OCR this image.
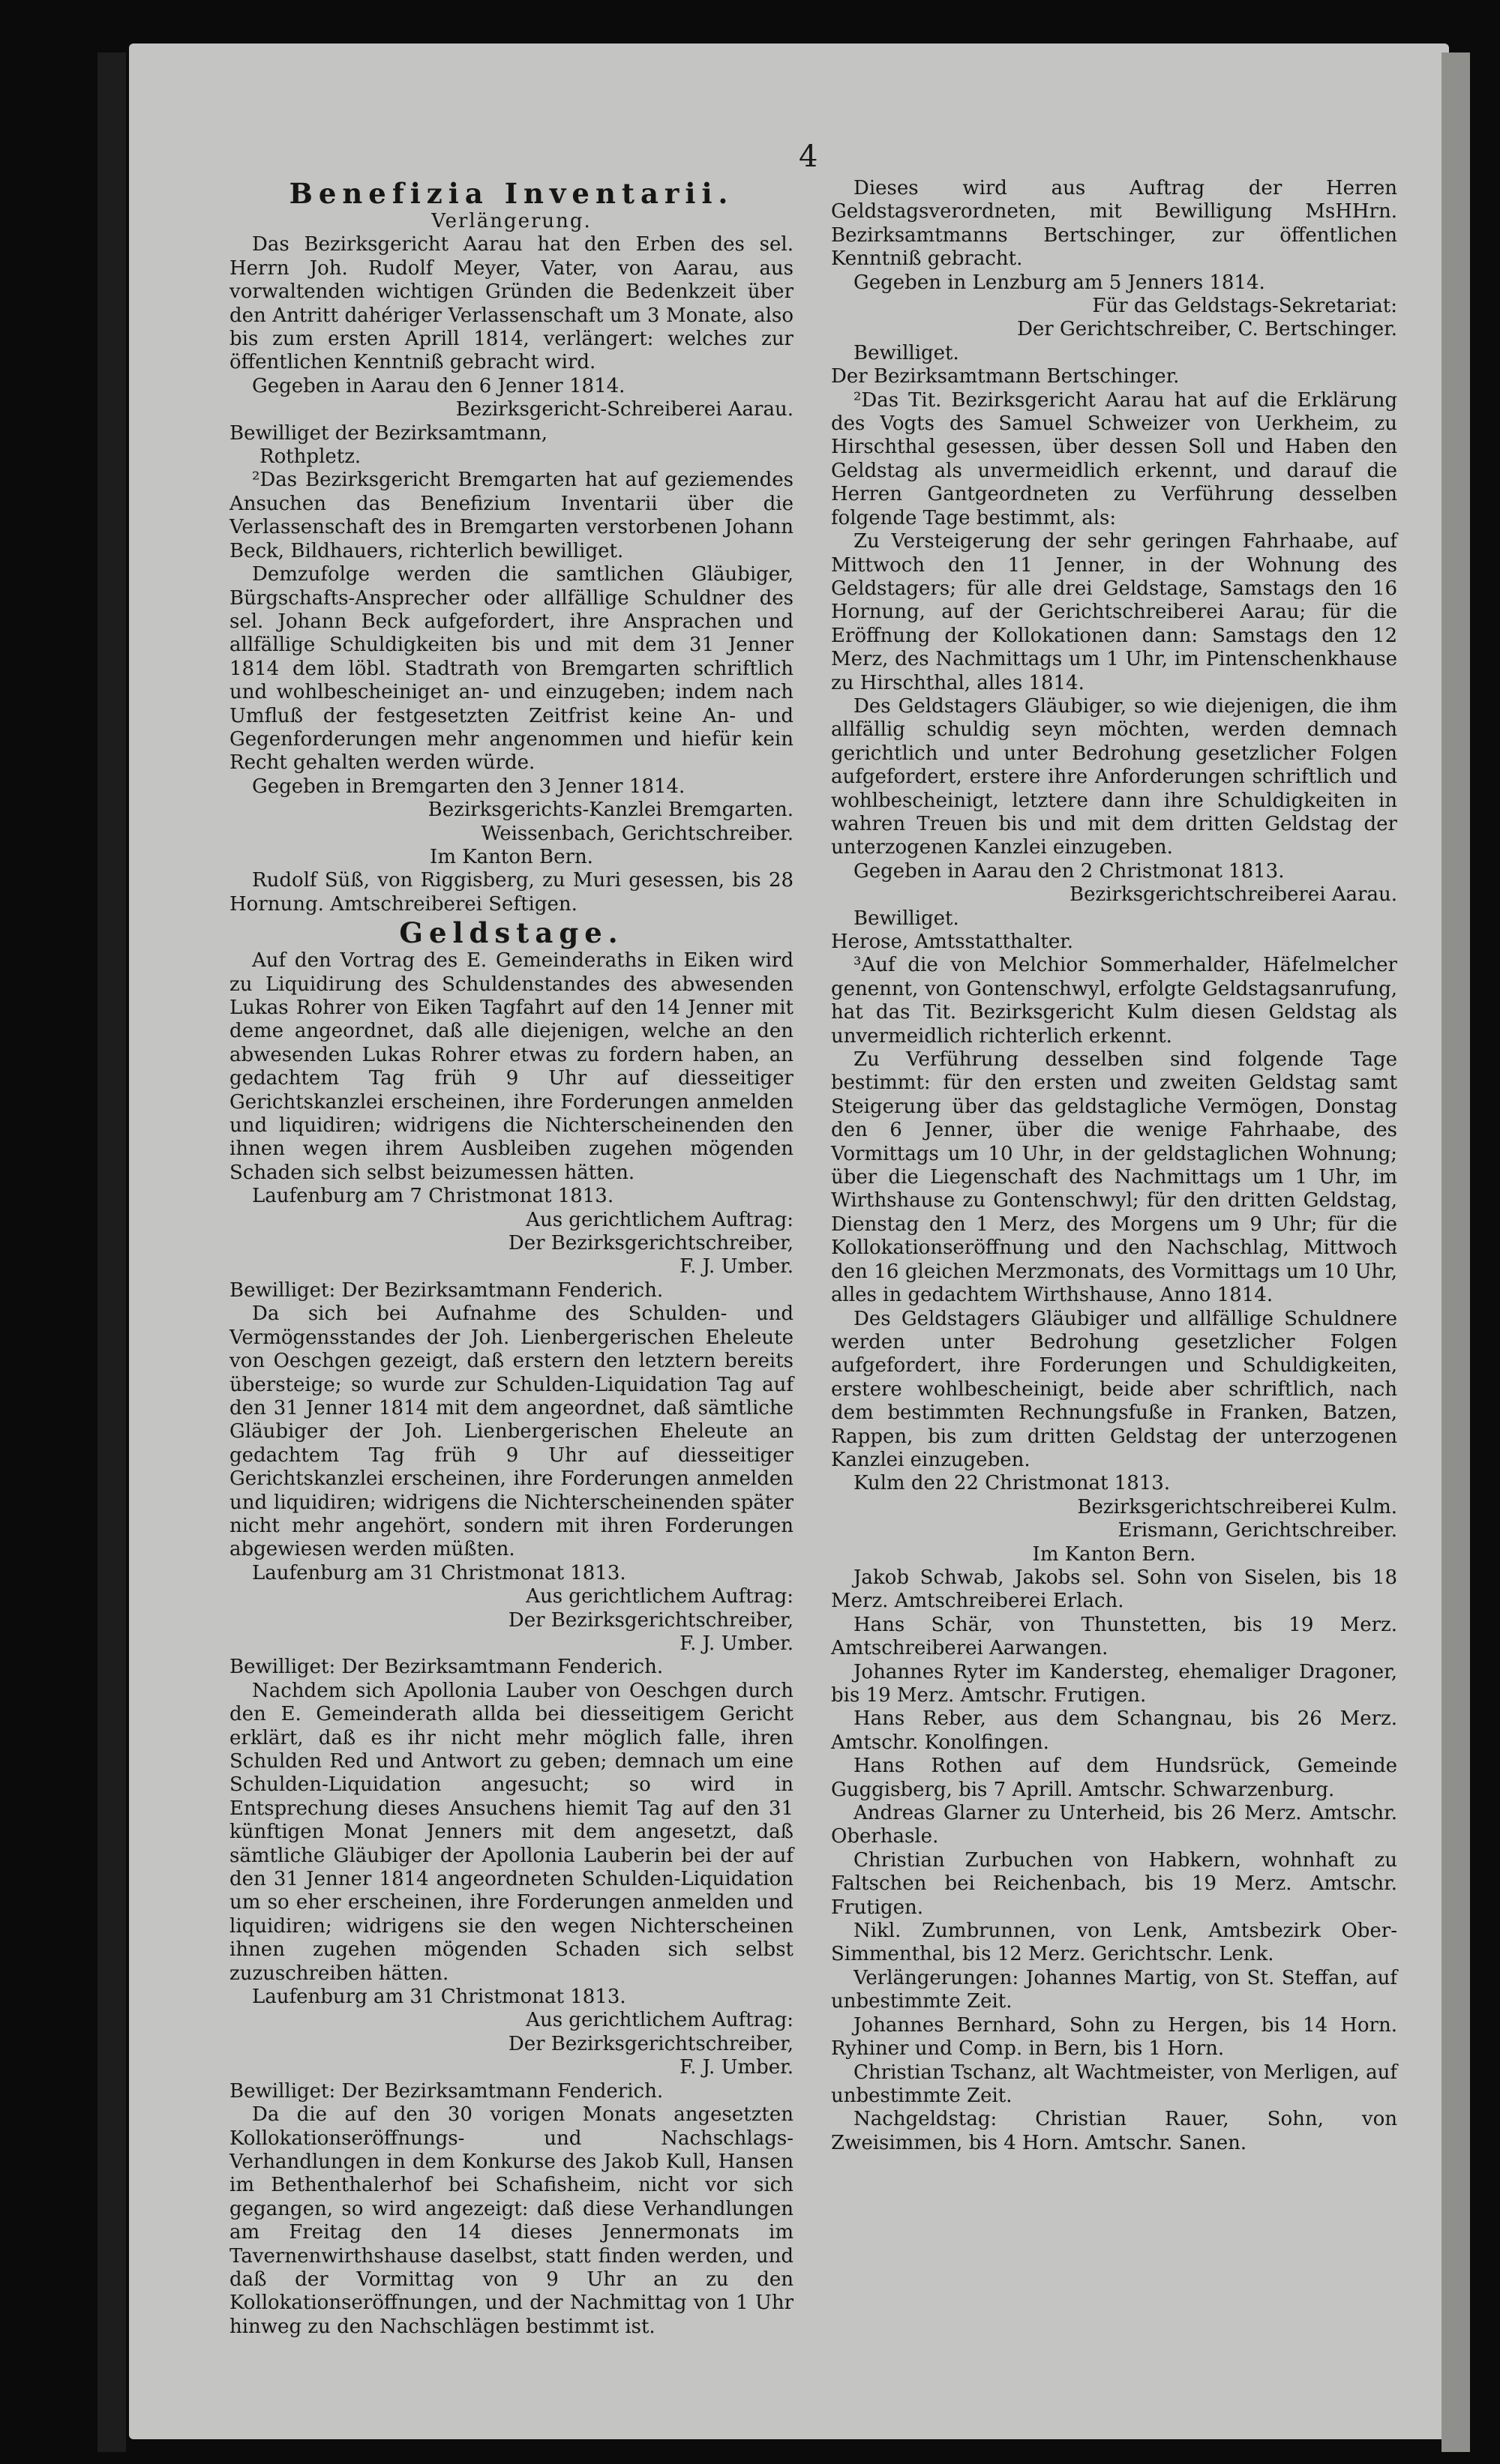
4

Benefizia Inventarii.

Verlängerung.

Das Bezirksgericht Aarau hat den Erben des sel. Herrn Joh. Rudolf Meyer, Vater, von Aarau, aus vorwaltenden wichtigen Gründen die Bedenkzeit über den Antritt dahériger Verlassenschaft um 3 Monate, also bis zum ersten Aprill 1814, verlängert: welches zur öffentlichen Kenntniß gebracht wird.

Gegeben in Aarau den 6 Jenner 1814.

Bezirksgericht-Schreiberei Aarau.

Bewilliget der Bezirksamtmann,

Rothpletz.

²Das Bezirksgericht Bremgarten hat auf geziemendes Ansuchen das Benefizium Inventarii über die Verlassenschaft des in Bremgarten verstorbenen Johann Beck, Bildhauers, richterlich bewilliget.

Demzufolge werden die samtlichen Gläubiger, Bürgschafts-Ansprecher oder allfällige Schuldner des sel. Johann Beck aufgefordert, ihre Ansprachen und allfällige Schuldigkeiten bis und mit dem 31 Jenner 1814 dem löbl. Stadtrath von Bremgarten schriftlich und wohlbescheiniget an- und einzugeben; indem nach Umfluß der festgesetzten Zeitfrist keine An- und Gegenforderungen mehr angenommen und hiefür kein Recht gehalten werden würde.

Gegeben in Bremgarten den 3 Jenner 1814.

Bezirksgerichts-Kanzlei Bremgarten.

Weissenbach, Gerichtschreiber.

Im Kanton Bern.

Rudolf Süß, von Riggisberg, zu Muri gesessen, bis 28 Hornung. Amtschreiberei Seftigen.

Geldstage.

Auf den Vortrag des E. Gemeinderaths in Eiken wird zu Liquidirung des Schuldenstandes des abwesenden Lukas Rohrer von Eiken Tagfahrt auf den 14 Jenner mit deme angeordnet, daß alle diejenigen, welche an den abwesenden Lukas Rohrer etwas zu fordern haben, an gedachtem Tag früh 9 Uhr auf diesseitiger Gerichtskanzlei erscheinen, ihre Forderungen anmelden und liquidiren; widrigens die Nichterscheinenden den ihnen wegen ihrem Ausbleiben zugehen mögenden Schaden sich selbst beizumessen hätten.

Laufenburg am 7 Christmonat 1813.

Aus gerichtlichem Auftrag:

Der Bezirksgerichtschreiber,

F. J. Umber.

Bewilliget: Der Bezirksamtmann Fenderich.

Da sich bei Aufnahme des Schulden- und Vermögensstandes der Joh. Lienbergerischen Eheleute von Oeschgen gezeigt, daß erstern den letztern bereits übersteige; so wurde zur Schulden-Liquidation Tag auf den 31 Jenner 1814 mit dem angeordnet, daß sämtliche Gläubiger der Joh. Lienbergerischen Eheleute an gedachtem Tag früh 9 Uhr auf diesseitiger Gerichtskanzlei erscheinen, ihre Forderungen anmelden und liquidiren; widrigens die Nichterscheinenden später nicht mehr angehört, sondern mit ihren Forderungen abgewiesen werden müßten.

Laufenburg am 31 Christmonat 1813.

Aus gerichtlichem Auftrag:

Der Bezirksgerichtschreiber,

F. J. Umber.

Bewilliget: Der Bezirksamtmann Fenderich.

Nachdem sich Apollonia Lauber von Oeschgen durch den E. Gemeinderath allda bei diesseitigem Gericht erklärt, daß es ihr nicht mehr möglich falle, ihren Schulden Red und Antwort zu geben; demnach um eine Schulden-Liquidation angesucht; so wird in Entsprechung dieses Ansuchens hiemit Tag auf den 31 künftigen Monat Jenners mit dem angesetzt, daß sämtliche Gläubiger der Apollonia Lauberin bei der auf den 31 Jenner 1814 angeordneten Schulden-Liquidation um so eher erscheinen, ihre Forderungen anmelden und liquidiren; widrigens sie den wegen Nichterscheinen ihnen zugehen mögenden Schaden sich selbst zuzuschreiben hätten.

Laufenburg am 31 Christmonat 1813.

Aus gerichtlichem Auftrag:

Der Bezirksgerichtschreiber,

F. J. Umber.

Bewilliget: Der Bezirksamtmann Fenderich.

Da die auf den 30 vorigen Monats angesetzten Kollokationseröffnungs- und Nachschlags-Verhandlungen in dem Konkurse des Jakob Kull, Hansen im Bethenthalerhof bei Schafisheim, nicht vor sich gegangen, so wird angezeigt: daß diese Verhandlungen am Freitag den 14 dieses Jennermonats im Tavernenwirthshause daselbst, statt finden werden, und daß der Vormittag von 9 Uhr an zu den Kollokationseröffnungen, und der Nachmittag von 1 Uhr hinweg zu den Nachschlägen bestimmt ist.

Dieses wird aus Auftrag der Herren Geldstagsverordneten, mit Bewilligung MsHHrn. Bezirksamtmanns Bertschinger, zur öffentlichen Kenntniß gebracht.

Gegeben in Lenzburg am 5 Jenners 1814.

Für das Geldstags-Sekretariat:

Der Gerichtschreiber, C. Bertschinger.

Bewilliget.

Der Bezirksamtmann Bertschinger.

²Das Tit. Bezirksgericht Aarau hat auf die Erklärung des Vogts des Samuel Schweizer von Uerkheim, zu Hirschthal gesessen, über dessen Soll und Haben den Geldstag als unvermeidlich erkennt, und darauf die Herren Gantgeordneten zu Verführung desselben folgende Tage bestimmt, als:

Zu Versteigerung der sehr geringen Fahrhaabe, auf Mittwoch den 11 Jenner, in der Wohnung des Geldstagers; für alle drei Geldstage, Samstags den 16 Hornung, auf der Gerichtschreiberei Aarau; für die Eröffnung der Kollokationen dann: Samstags den 12 Merz, des Nachmittags um 1 Uhr, im Pintenschenkhause zu Hirschthal, alles 1814.

Des Geldstagers Gläubiger, so wie diejenigen, die ihm allfällig schuldig seyn möchten, werden demnach gerichtlich und unter Bedrohung gesetzlicher Folgen aufgefordert, erstere ihre Anforderungen schriftlich und wohlbescheinigt, letztere dann ihre Schuldigkeiten in wahren Treuen bis und mit dem dritten Geldstag der unterzogenen Kanzlei einzugeben.

Gegeben in Aarau den 2 Christmonat 1813.

Bezirksgerichtschreiberei Aarau.

Bewilliget.

Herose, Amtsstatthalter.

³Auf die von Melchior Sommerhalder, Häfelmelcher genennt, von Gontenschwyl, erfolgte Geldstagsanrufung, hat das Tit. Bezirksgericht Kulm diesen Geldstag als unvermeidlich richterlich erkennt.

Zu Verführung desselben sind folgende Tage bestimmt: für den ersten und zweiten Geldstag samt Steigerung über das geldstagliche Vermögen, Donstag den 6 Jenner, über die wenige Fahrhaabe, des Vormittags um 10 Uhr, in der geldstaglichen Wohnung; über die Liegenschaft des Nachmittags um 1 Uhr, im Wirthshause zu Gontenschwyl; für den dritten Geldstag, Dienstag den 1 Merz, des Morgens um 9 Uhr; für die Kollokationseröffnung und den Nachschlag, Mittwoch den 16 gleichen Merzmonats, des Vormittags um 10 Uhr, alles in gedachtem Wirthshause, Anno 1814.

Des Geldstagers Gläubiger und allfällige Schuldnere werden unter Bedrohung gesetzlicher Folgen aufgefordert, ihre Forderungen und Schuldigkeiten, erstere wohlbescheinigt, beide aber schriftlich, nach dem bestimmten Rechnungsfuße in Franken, Batzen, Rappen, bis zum dritten Geldstag der unterzogenen Kanzlei einzugeben.

Kulm den 22 Christmonat 1813.

Bezirksgerichtschreiberei Kulm.

Erismann, Gerichtschreiber.

Im Kanton Bern.

Jakob Schwab, Jakobs sel. Sohn von Siselen, bis 18 Merz. Amtschreiberei Erlach.

Hans Schär, von Thunstetten, bis 19 Merz. Amtschreiberei Aarwangen.

Johannes Ryter im Kandersteg, ehemaliger Dragoner, bis 19 Merz. Amtschr. Frutigen.

Hans Reber, aus dem Schangnau, bis 26 Merz. Amtschr. Konolfingen.

Hans Rothen auf dem Hundsrück, Gemeinde Guggisberg, bis 7 Aprill. Amtschr. Schwarzenburg.

Andreas Glarner zu Unterheid, bis 26 Merz. Amtschr. Oberhasle.

Christian Zurbuchen von Habkern, wohnhaft zu Faltschen bei Reichenbach, bis 19 Merz. Amtschr. Frutigen.

Nikl. Zumbrunnen, von Lenk, Amtsbezirk Ober-Simmenthal, bis 12 Merz. Gerichtschr. Lenk.

Verlängerungen: Johannes Martig, von St. Steffan, auf unbestimmte Zeit.

Johannes Bernhard, Sohn zu Hergen, bis 14 Horn. Ryhiner und Comp. in Bern, bis 1 Horn.

Christian Tschanz, alt Wachtmeister, von Merligen, auf unbestimmte Zeit.

Nachgeldstag: Christian Rauer, Sohn, von Zweisimmen, bis 4 Horn. Amtschr. Sanen.
